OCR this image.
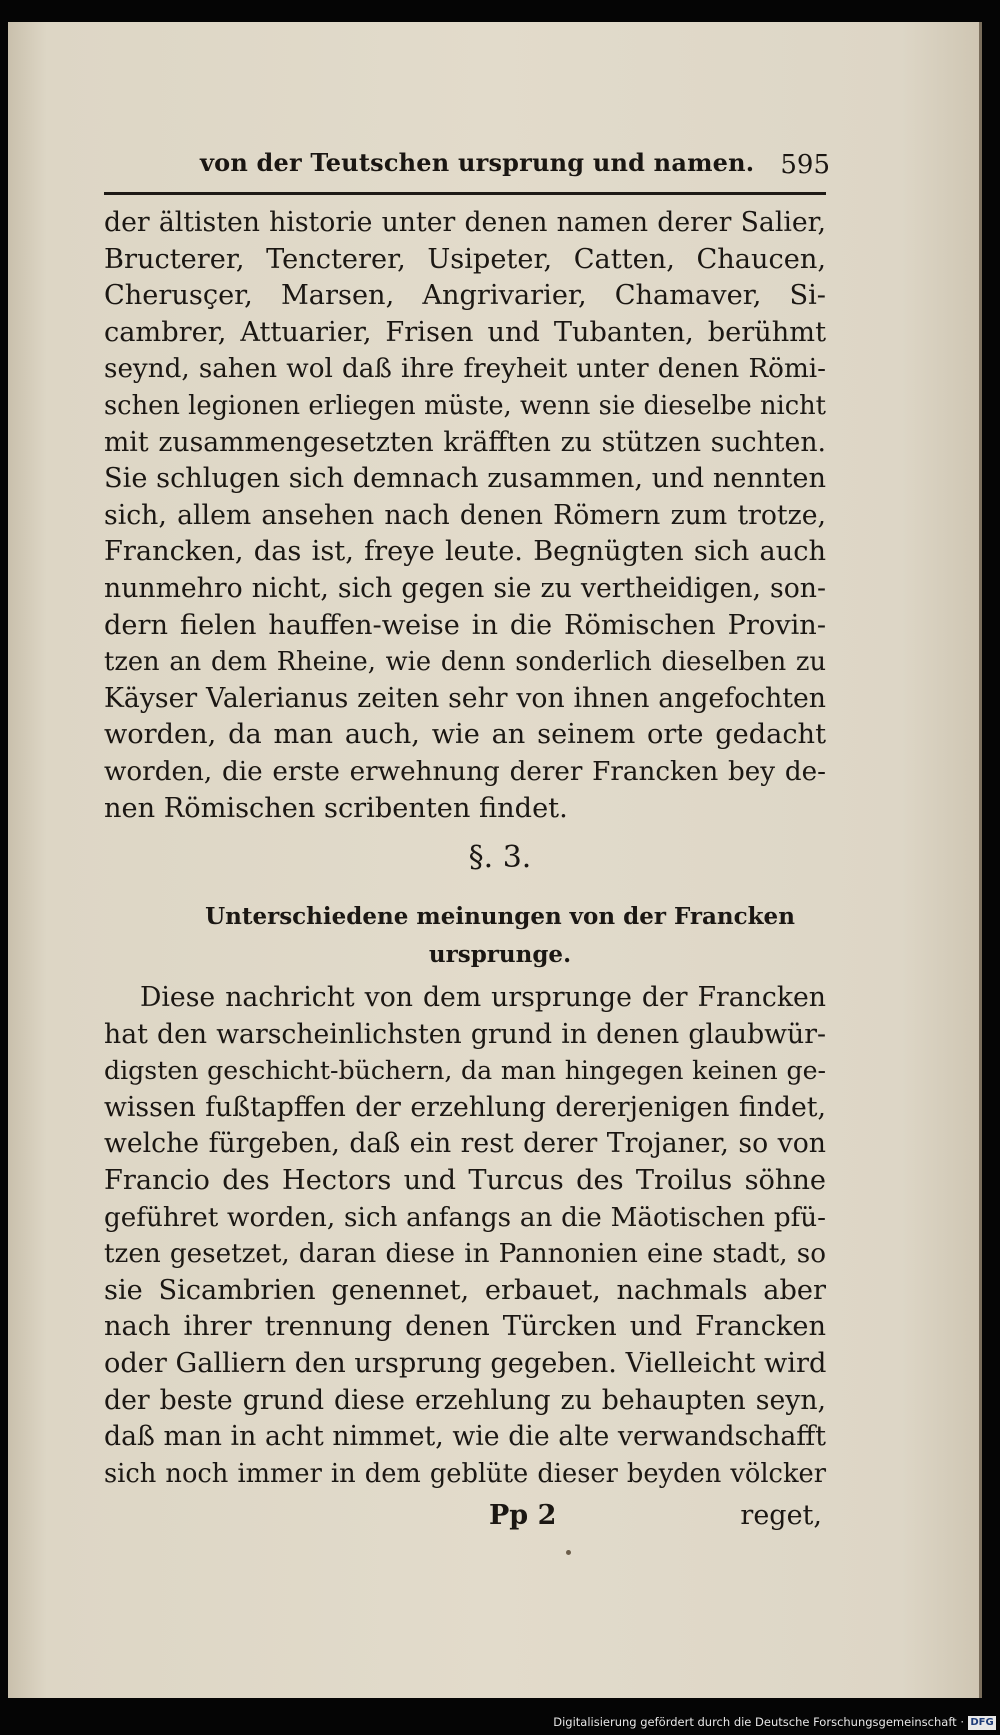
von der Teutschen ursprung und namen. 595
der ältisten historie unter denen namen derer Salier,
Bructerer, Tencterer, Usipeter, Catten, Chaucen,
Cherusçer, Marsen, Angrivarier, Chamaver, Si-
cambrer, Attuarier, Frisen und Tubanten, berühmt
seynd, sahen wol daß ihre freyheit unter denen Römi-
schen legionen erliegen müste, wenn sie dieselbe nicht
mit zusammengesetzten kräfften zu stützen suchten.
Sie schlugen sich demnach zusammen, und nennten
sich, allem ansehen nach denen Römern zum trotze,
Francken, das ist, freye leute. Begnügten sich auch
nunmehro nicht, sich gegen sie zu vertheidigen, son-
dern fielen hauffen-weise in die Römischen Provin-
tzen an dem Rheine, wie denn sonderlich dieselben zu
Käyser Valerianus zeiten sehr von ihnen angefochten
worden, da man auch, wie an seinem orte gedacht
worden, die erste erwehnung derer Francken bey de-
nen Römischen scribenten findet.
§. 3.
Unterschiedene meinungen von der Francken
ursprunge.
Diese nachricht von dem ursprunge der Francken
hat den warscheinlichsten grund in denen glaubwür-
digsten geschicht-büchern, da man hingegen keinen ge-
wissen fußtapffen der erzehlung dererjenigen findet,
welche fürgeben, daß ein rest derer Trojaner, so von
Francio des Hectors und Turcus des Troilus söhne
geführet worden, sich anfangs an die Mäotischen pfü-
tzen gesetzet, daran diese in Pannonien eine stadt, so
sie Sicambrien genennet, erbauet, nachmals aber
nach ihrer trennung denen Türcken und Francken
oder Galliern den ursprung gegeben. Vielleicht wird
der beste grund diese erzehlung zu behaupten seyn,
daß man in acht nimmet, wie die alte verwandschafft
sich noch immer in dem geblüte dieser beyden völcker
Pp 2	reget,
Digitalisierung gefördert durch die Deutsche Forschungsgemeinschaft · DFG
